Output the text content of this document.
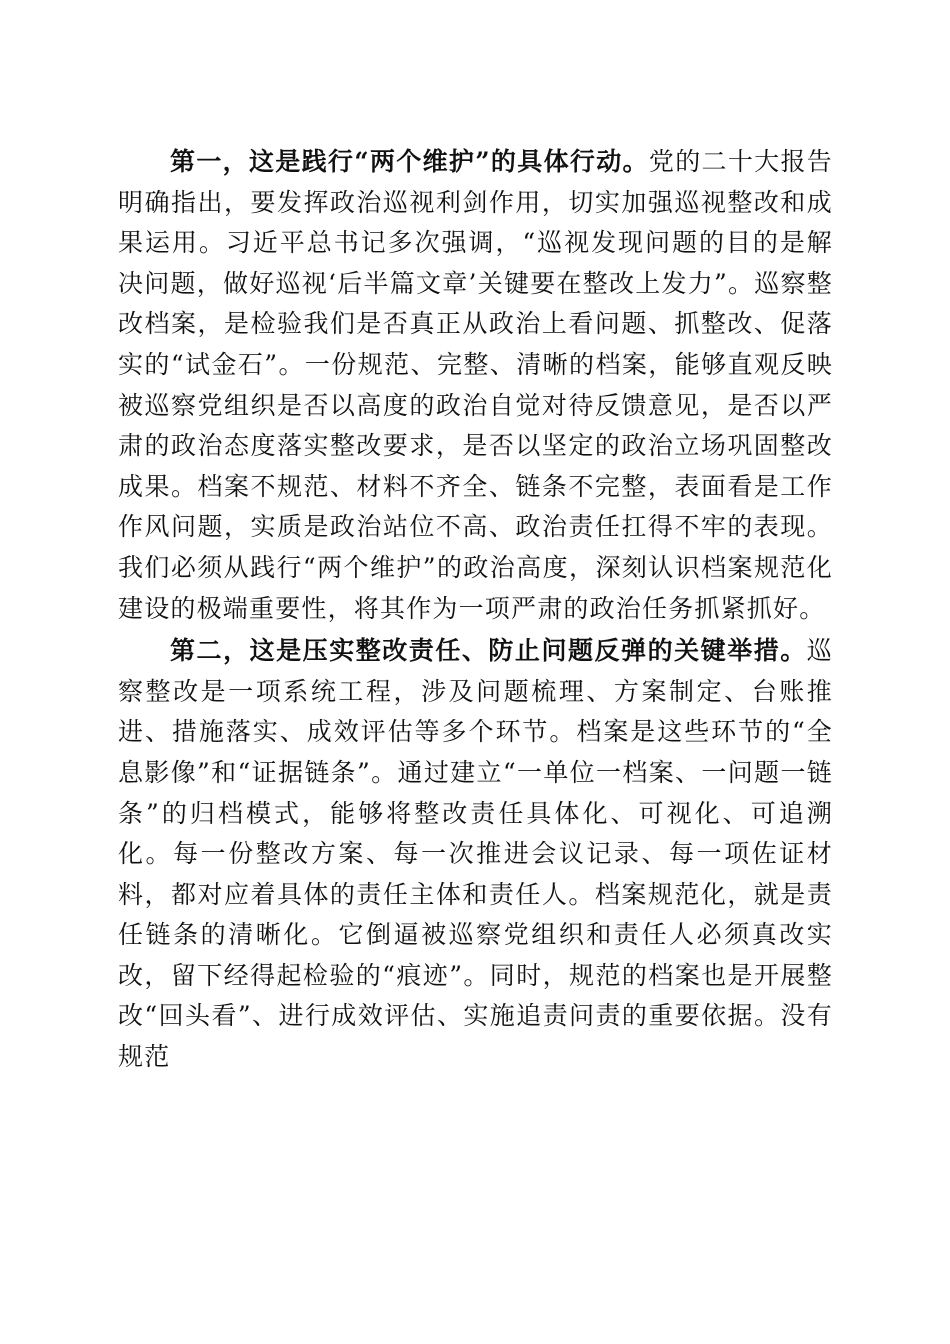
第一，这是践行“两个维护”的具体行动。党的二十大报告明确指出，要发挥政治巡视利剑作用，切实加强巡视整改和成果运用。习近平总书记多次强调，“巡视发现问题的目的是解决问题，做好巡视‘后半篇文章’关键要在整改上发力”。巡察整改档案，是检验我们是否真正从政治上看问题、抓整改、促落实的“试金石”。一份规范、完整、清晰的档案，能够直观反映被巡察党组织是否以高度的政治自觉对待反馈意见，是否以严肃的政治态度落实整改要求，是否以坚定的政治立场巩固整改成果。档案不规范、材料不齐全、链条不完整，表面看是工作作风问题，实质是政治站位不高、政治责任扛得不牢的表现。我们必须从践行“两个维护”的政治高度，深刻认识档案规范化建设的极端重要性，将其作为一项严肃的政治任务抓紧抓好。

第二，这是压实整改责任、防止问题反弹的关键举措。巡察整改是一项系统工程，涉及问题梳理、方案制定、台账推进、措施落实、成效评估等多个环节。档案是这些环节的“全息影像”和“证据链条”。通过建立“一单位一档案、一问题一链条”的归档模式，能够将整改责任具体化、可视化、可追溯化。每一份整改方案、每一次推进会议记录、每一项佐证材料，都对应着具体的责任主体和责任人。档案规范化，就是责任链条的清晰化。它倒逼被巡察党组织和责任人必须真改实改，留下经得起检验的“痕迹”。同时，规范的档案也是开展整改“回头看”、进行成效评估、实施追责问责的重要依据。没有规范
